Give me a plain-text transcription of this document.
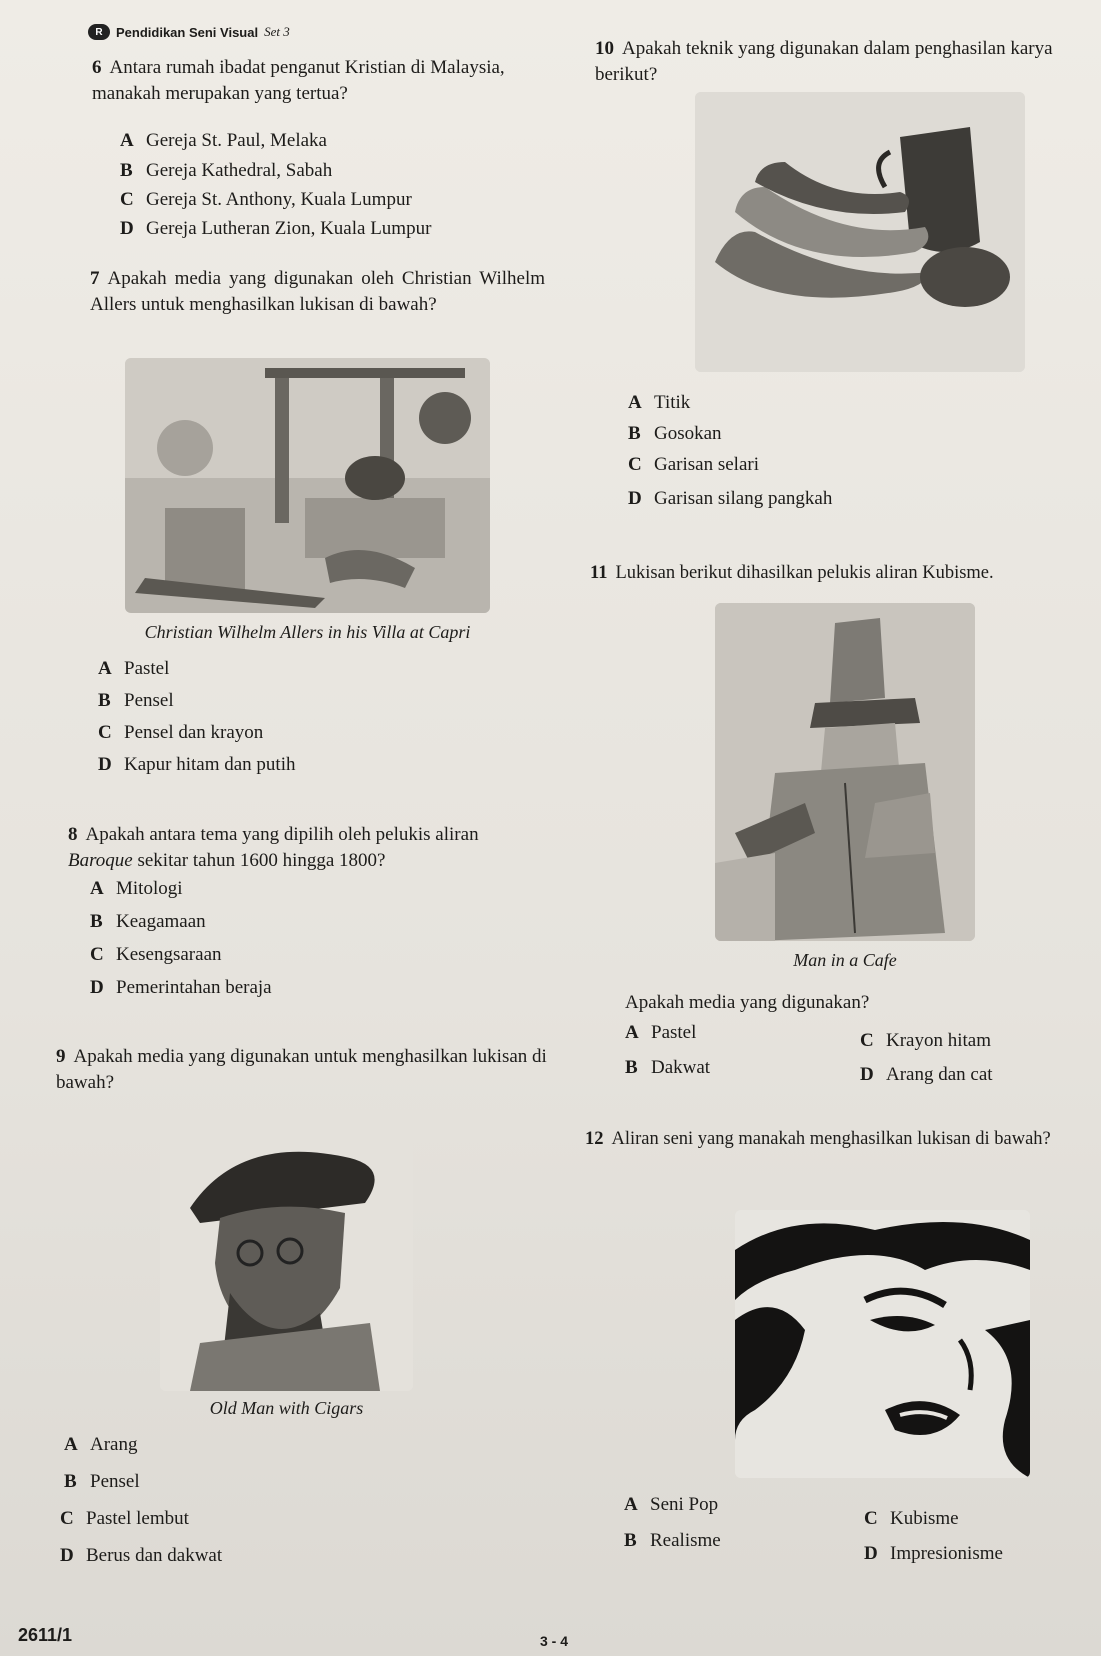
R	Pendidikan Seni Visual Set 3
6 Antara rumah ibadat penganut Kristian di Malaysia, manakah merupakan yang tertua?
A Gereja St. Paul, Melaka
B Gereja Kathedral, Sabah
C Gereja St. Anthony, Kuala Lumpur
D Gereja Lutheran Zion, Kuala Lumpur
7 Apakah media yang digunakan oleh Christian Wilhelm Allers untuk menghasilkan lukisan di bawah?
Christian Wilhelm Allers in his Villa at Capri
A Pastel
B Pensel
C Pensel dan krayon
D Kapur hitam dan putih
8 Apakah antara tema yang dipilih oleh pelukis aliran Baroque sekitar tahun 1600 hingga 1800?
A Mitologi
B Keagamaan
C Kesengsaraan
D Pemerintahan beraja
9 Apakah media yang digunakan untuk menghasilkan lukisan di bawah?
Old Man with Cigars
A Arang
B Pensel
C Pastel lembut
D Berus dan dakwat
10 Apakah teknik yang digunakan dalam penghasilan karya berikut?
A Titik
B Gosokan
C Garisan selari
D Garisan silang pangkah
11 Lukisan berikut dihasilkan pelukis aliran Kubisme.
Man in a Cafe
Apakah media yang digunakan?
A Pastel
B Dakwat
C Krayon hitam
D Arang dan cat
12 Aliran seni yang manakah menghasilkan lukisan di bawah?
A Seni Pop
B Realisme
C Kubisme
D Impresionisme
2611/1	3 - 4
